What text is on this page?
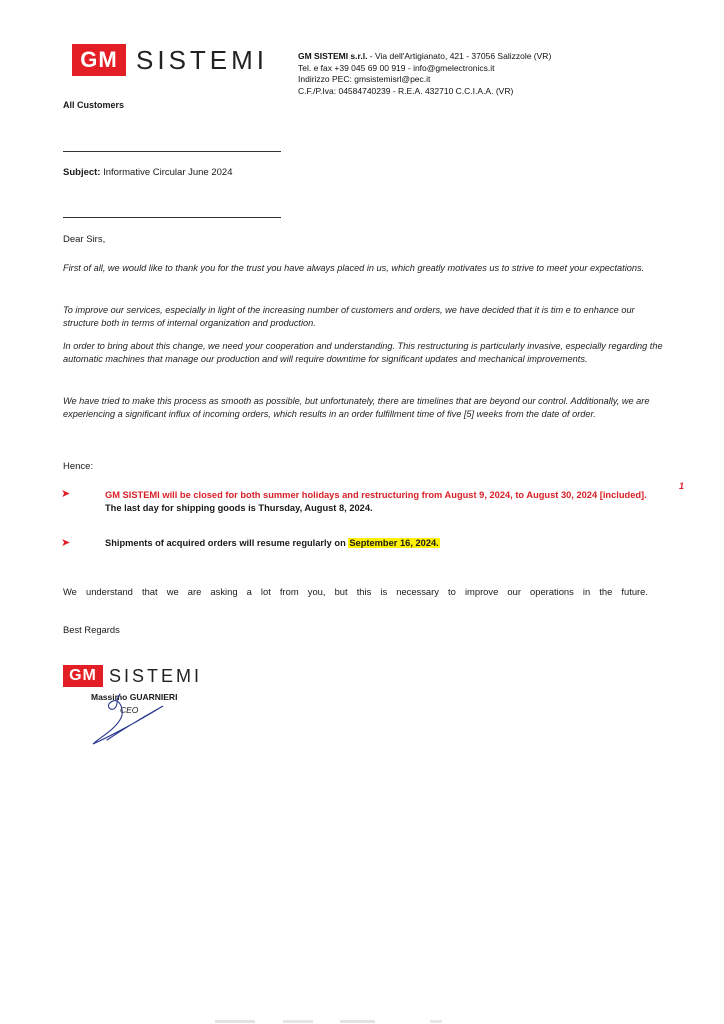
GM SISTEMI	GM SISTEMI s.r.l. - Via dell'Artigianato, 421 - 37056 Salizzole (VR)
Tel. e fax +39 045 69 00 919 - info@gmelectronics.it
Indirizzo PEC: gmsistemisrl@pec.it
C.F./P.Iva: 04584740239 - R.E.A. 432710 C.C.I.A.A. (VR)
All Customers
Subject: Informative Circular June 2024
Dear Sirs,
First of all, we would like to thank you for the trust you have always placed in us, which greatly motivates us to strive to meet your expectations.
To improve our services, especially in light of the increasing number of customers and orders, we have decided that it is tim e to enhance our structure both in terms of internal organization and production.
In order to bring about this change, we need your cooperation and understanding. This restructuring is particularly invasive, especially regarding the automatic machines that manage our production and will require downtime for significant updates and mechanical improvements.
We have tried to make this process as smooth as possible, but unfortunately, there are timelines that are beyond our control. Additionally, we are experiencing a significant influx of incoming orders, which results in an order fulfillment time of five [5] weeks from the date of order.
Hence:
➤	GM SISTEMI will be closed for both summer holidays and restructuring from August 9, 2024, to August 30, 2024 [included]. The last day for shipping goods is Thursday, August 8, 2024.
1
➤	Shipments of acquired orders will resume regularly on September 16, 2024.
We understand that we are asking a lot from you, but this is necessary to improve our operations in the future.
Best Regards
GM SISTEMI
Massimo GUARNIERI
CEO
